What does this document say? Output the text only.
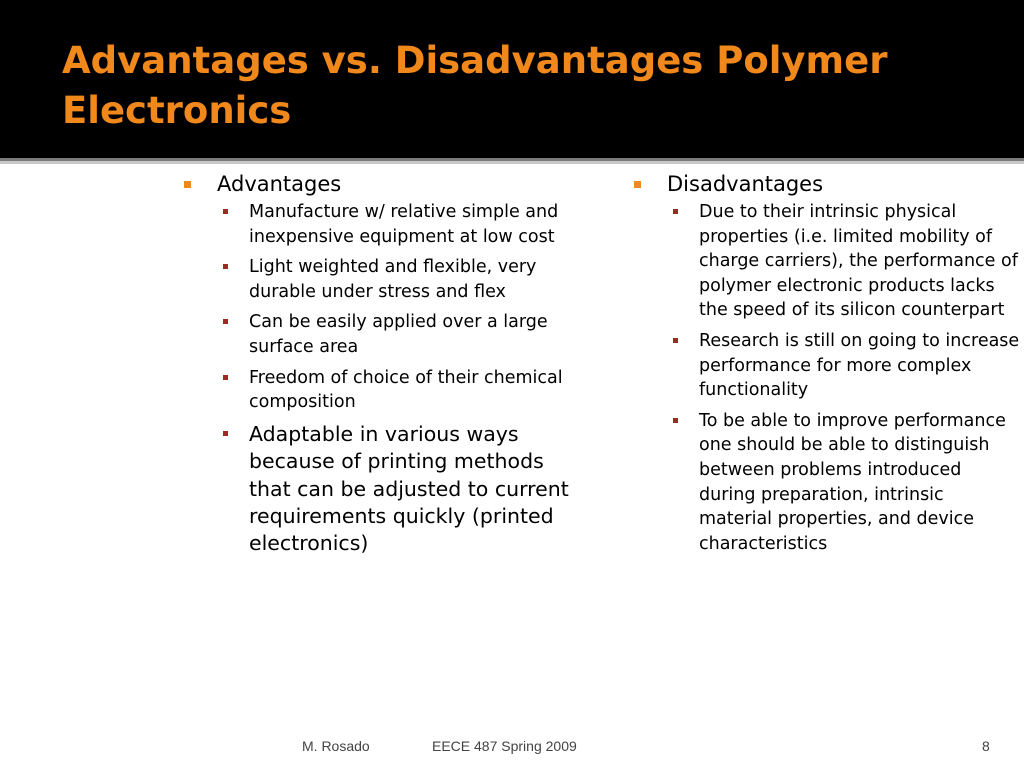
Advantages vs. Disadvantages Polymer Electronics
Advantages
Manufacture w/ relative simple and inexpensive equipment at low cost
Light weighted and flexible, very durable under stress and flex
Can be easily applied over a large surface area
Freedom of choice of their chemical composition
Adaptable in various ways because of printing methods that can be adjusted to current requirements quickly (printed electronics)
Disadvantages
Due to their intrinsic physical properties (i.e. limited mobility of charge carriers), the performance of polymer electronic products lacks the speed of its silicon counterpart
Research is still on going to increase performance for more complex functionality
To be able to improve performance one should be able to distinguish between problems introduced during preparation, intrinsic material properties, and device characteristics
M. Rosado	EECE 487 Spring 2009	8
